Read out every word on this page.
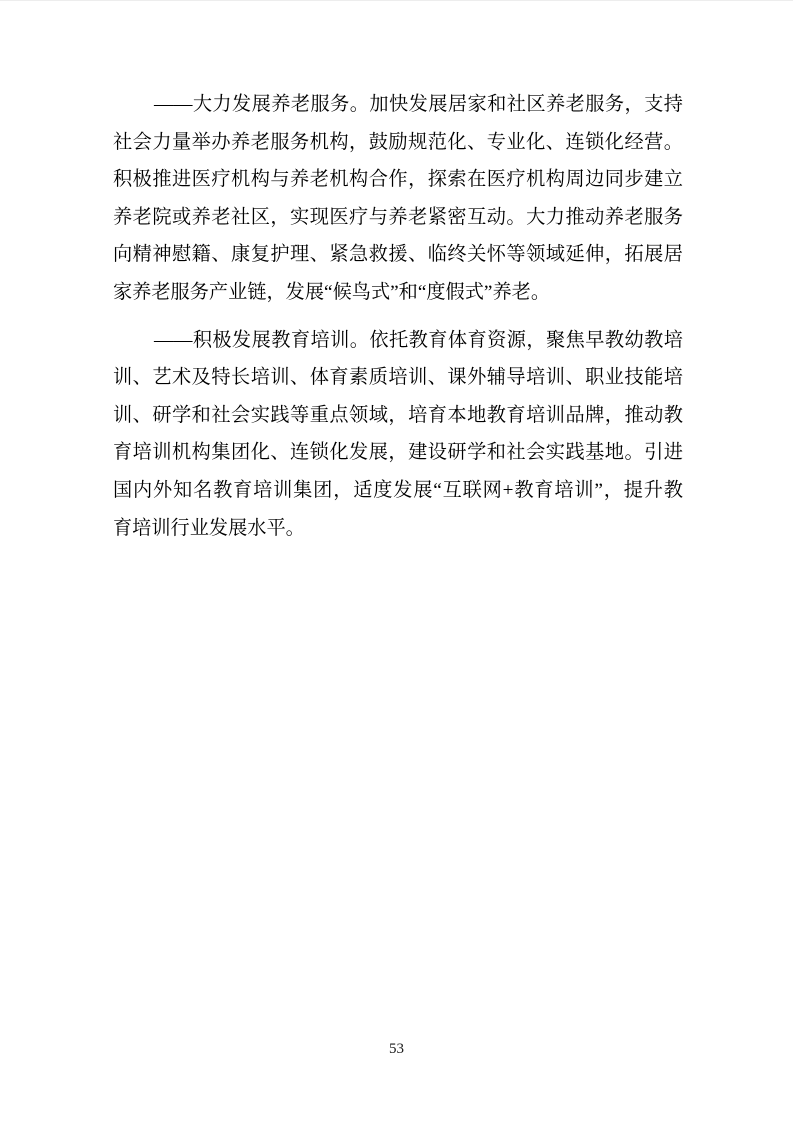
——大力发展养老服务。加快发展居家和社区养老服务，支持
社会力量举办养老服务机构，鼓励规范化、专业化、连锁化经营。
积极推进医疗机构与养老机构合作，探索在医疗机构周边同步建立
养老院或养老社区，实现医疗与养老紧密互动。大力推动养老服务
向精神慰籍、康复护理、紧急救援、临终关怀等领域延伸，拓展居
家养老服务产业链，发展“候鸟式”和“度假式”养老。
——积极发展教育培训。依托教育体育资源，聚焦早教幼教培
训、艺术及特长培训、体育素质培训、课外辅导培训、职业技能培
训、研学和社会实践等重点领域，培育本地教育培训品牌，推动教
育培训机构集团化、连锁化发展，建设研学和社会实践基地。引进
国内外知名教育培训集团，适度发展“互联网+教育培训”，提升教
育培训行业发展水平。
53
